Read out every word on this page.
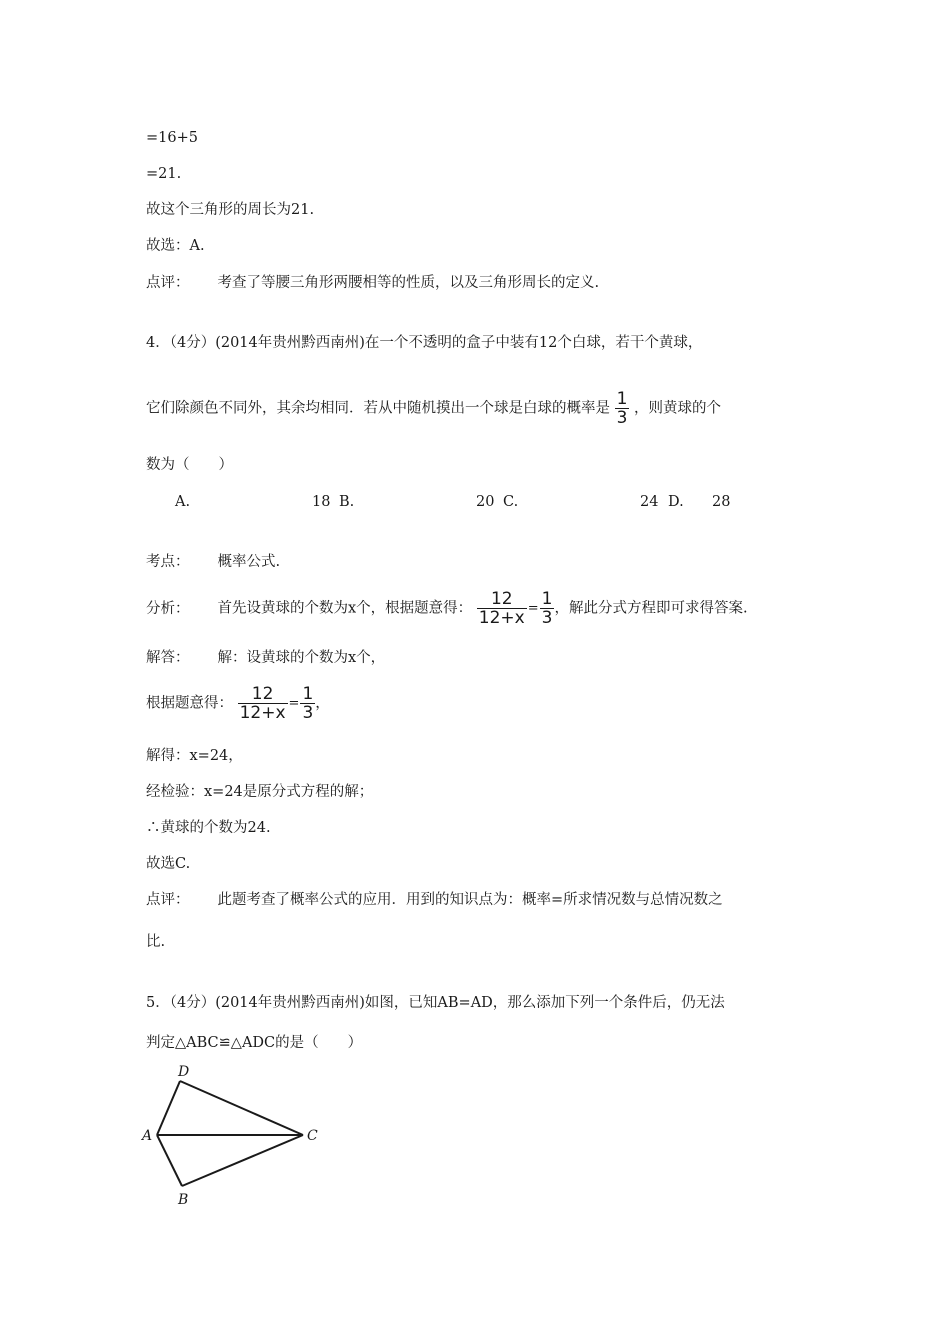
=16+5
=21.
故这个三角形的周长为21.
故选：A.
点评： 考查了等腰三角形两腰相等的性质，以及三角形周长的定义.
4．（4分）(2014年贵州黔西南州)在一个不透明的盒子中装有12个白球，若干个黄球，
它们除颜色不同外，其余均相同．若从中随机摸出一个球是白球的概率是 $\frac{1}{3}$ ，则黄球的个
数为（　　）
A.	18 B.	20 C.	24 D. 28
考点： 概率公式.
分析： 首先设黄球的个数为x个，根据题意得： $\frac{12}{12+x} = \frac{1}{3}$ ，解此分式方程即可求得答案.
解答： 解：设黄球的个数为x个，
根据题意得： $\frac{12}{12+x} = \frac{1}{3}$ ，
解得：x=24，
经检验：x=24是原分式方程的解；
∴黄球的个数为24.
故选C.
点评： 此题考查了概率公式的应用．用到的知识点为：概率=所求情况数与总情况数之
比.
5．（4分）(2014年贵州黔西南州)如图，已知AB=AD，那么添加下列一个条件后，仍无法
判定△ABC≌△ADC的是（　　）
D
A	C
B
